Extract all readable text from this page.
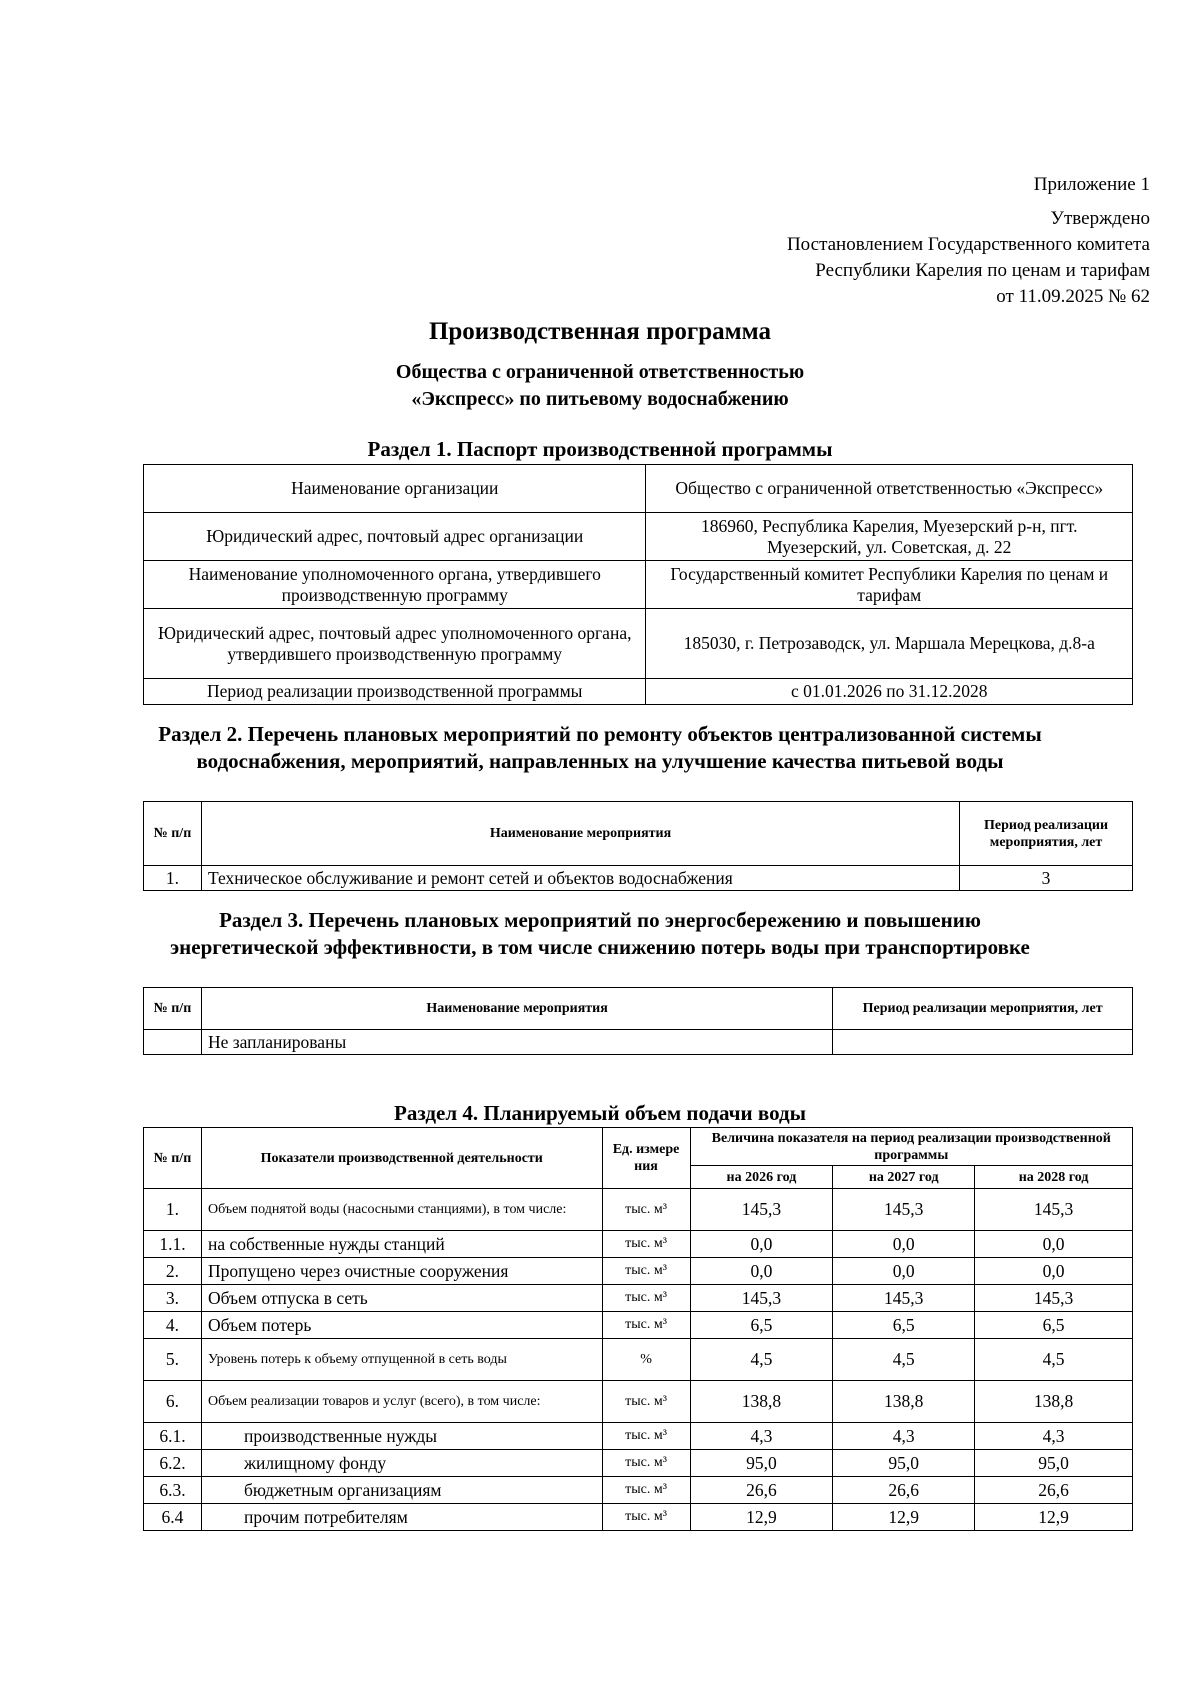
Приложение 1
Утверждено
Постановлением Государственного комитета
Республики Карелия по ценам и тарифам
от 11.09.2025 № 62
Производственная программа
Общества с ограниченной ответственностью
«Экспресс» по питьевому водоснабжению
Раздел 1. Паспорт производственной программы
Наименование организации	Общество с ограниченной ответственностью «Экспресс»
Юридический адрес, почтовый адрес организации	186960, Республика Карелия, Муезерский р-н, пгт. Муезерский, ул. Советская, д. 22
Наименование уполномоченного органа, утвердившего производственную программу	Государственный комитет Республики Карелия по ценам и тарифам
Юридический адрес, почтовый адрес уполномоченного органа, утвердившего производственную программу	185030, г. Петрозаводск, ул. Маршала Мерецкова, д.8-а
Период реализации производственной программы	с 01.01.2026 по 31.12.2028
Раздел 2. Перечень плановых мероприятий по ремонту объектов централизованной системы водоснабжения, мероприятий, направленных на улучшение качества питьевой воды
№ п/п	Наименование мероприятия	Период реализации мероприятия, лет
1.	Техническое обслуживание и ремонт сетей и объектов водоснабжения	3
Раздел 3. Перечень плановых мероприятий по энергосбережению и повышению энергетической эффективности, в том числе снижению потерь воды при транспортировке
№ п/п	Наименование мероприятия	Период реализации мероприятия, лет
	Не запланированы	
Раздел 4. Планируемый объем подачи воды
№ п/п	Показатели производственной деятельности	Ед. измере ния	Величина показателя на период реализации производственной программы		
			на 2026 год	на 2027 год	на 2028 год
1.	Объем поднятой воды (насосными станциями), в том числе:	тыс. м³	145,3	145,3	145,3
1.1.	на собственные нужды станций	тыс. м³	0,0	0,0	0,0
2.	Пропущено через очистные сооружения	тыс. м³	0,0	0,0	0,0
3.	Объем отпуска в сеть	тыс. м³	145,3	145,3	145,3
4.	Объем потерь	тыс. м³	6,5	6,5	6,5
5.	Уровень потерь к объему отпущенной в сеть воды	%	4,5	4,5	4,5
6.	Объем реализации товаров и услуг (всего), в том числе:	тыс. м³	138,8	138,8	138,8
6.1.	производственные нужды	тыс. м³	4,3	4,3	4,3
6.2.	жилищному фонду	тыс. м³	95,0	95,0	95,0
6.3.	бюджетным организациям	тыс. м³	26,6	26,6	26,6
6.4	прочим потребителям	тыс. м³	12,9	12,9	12,9
